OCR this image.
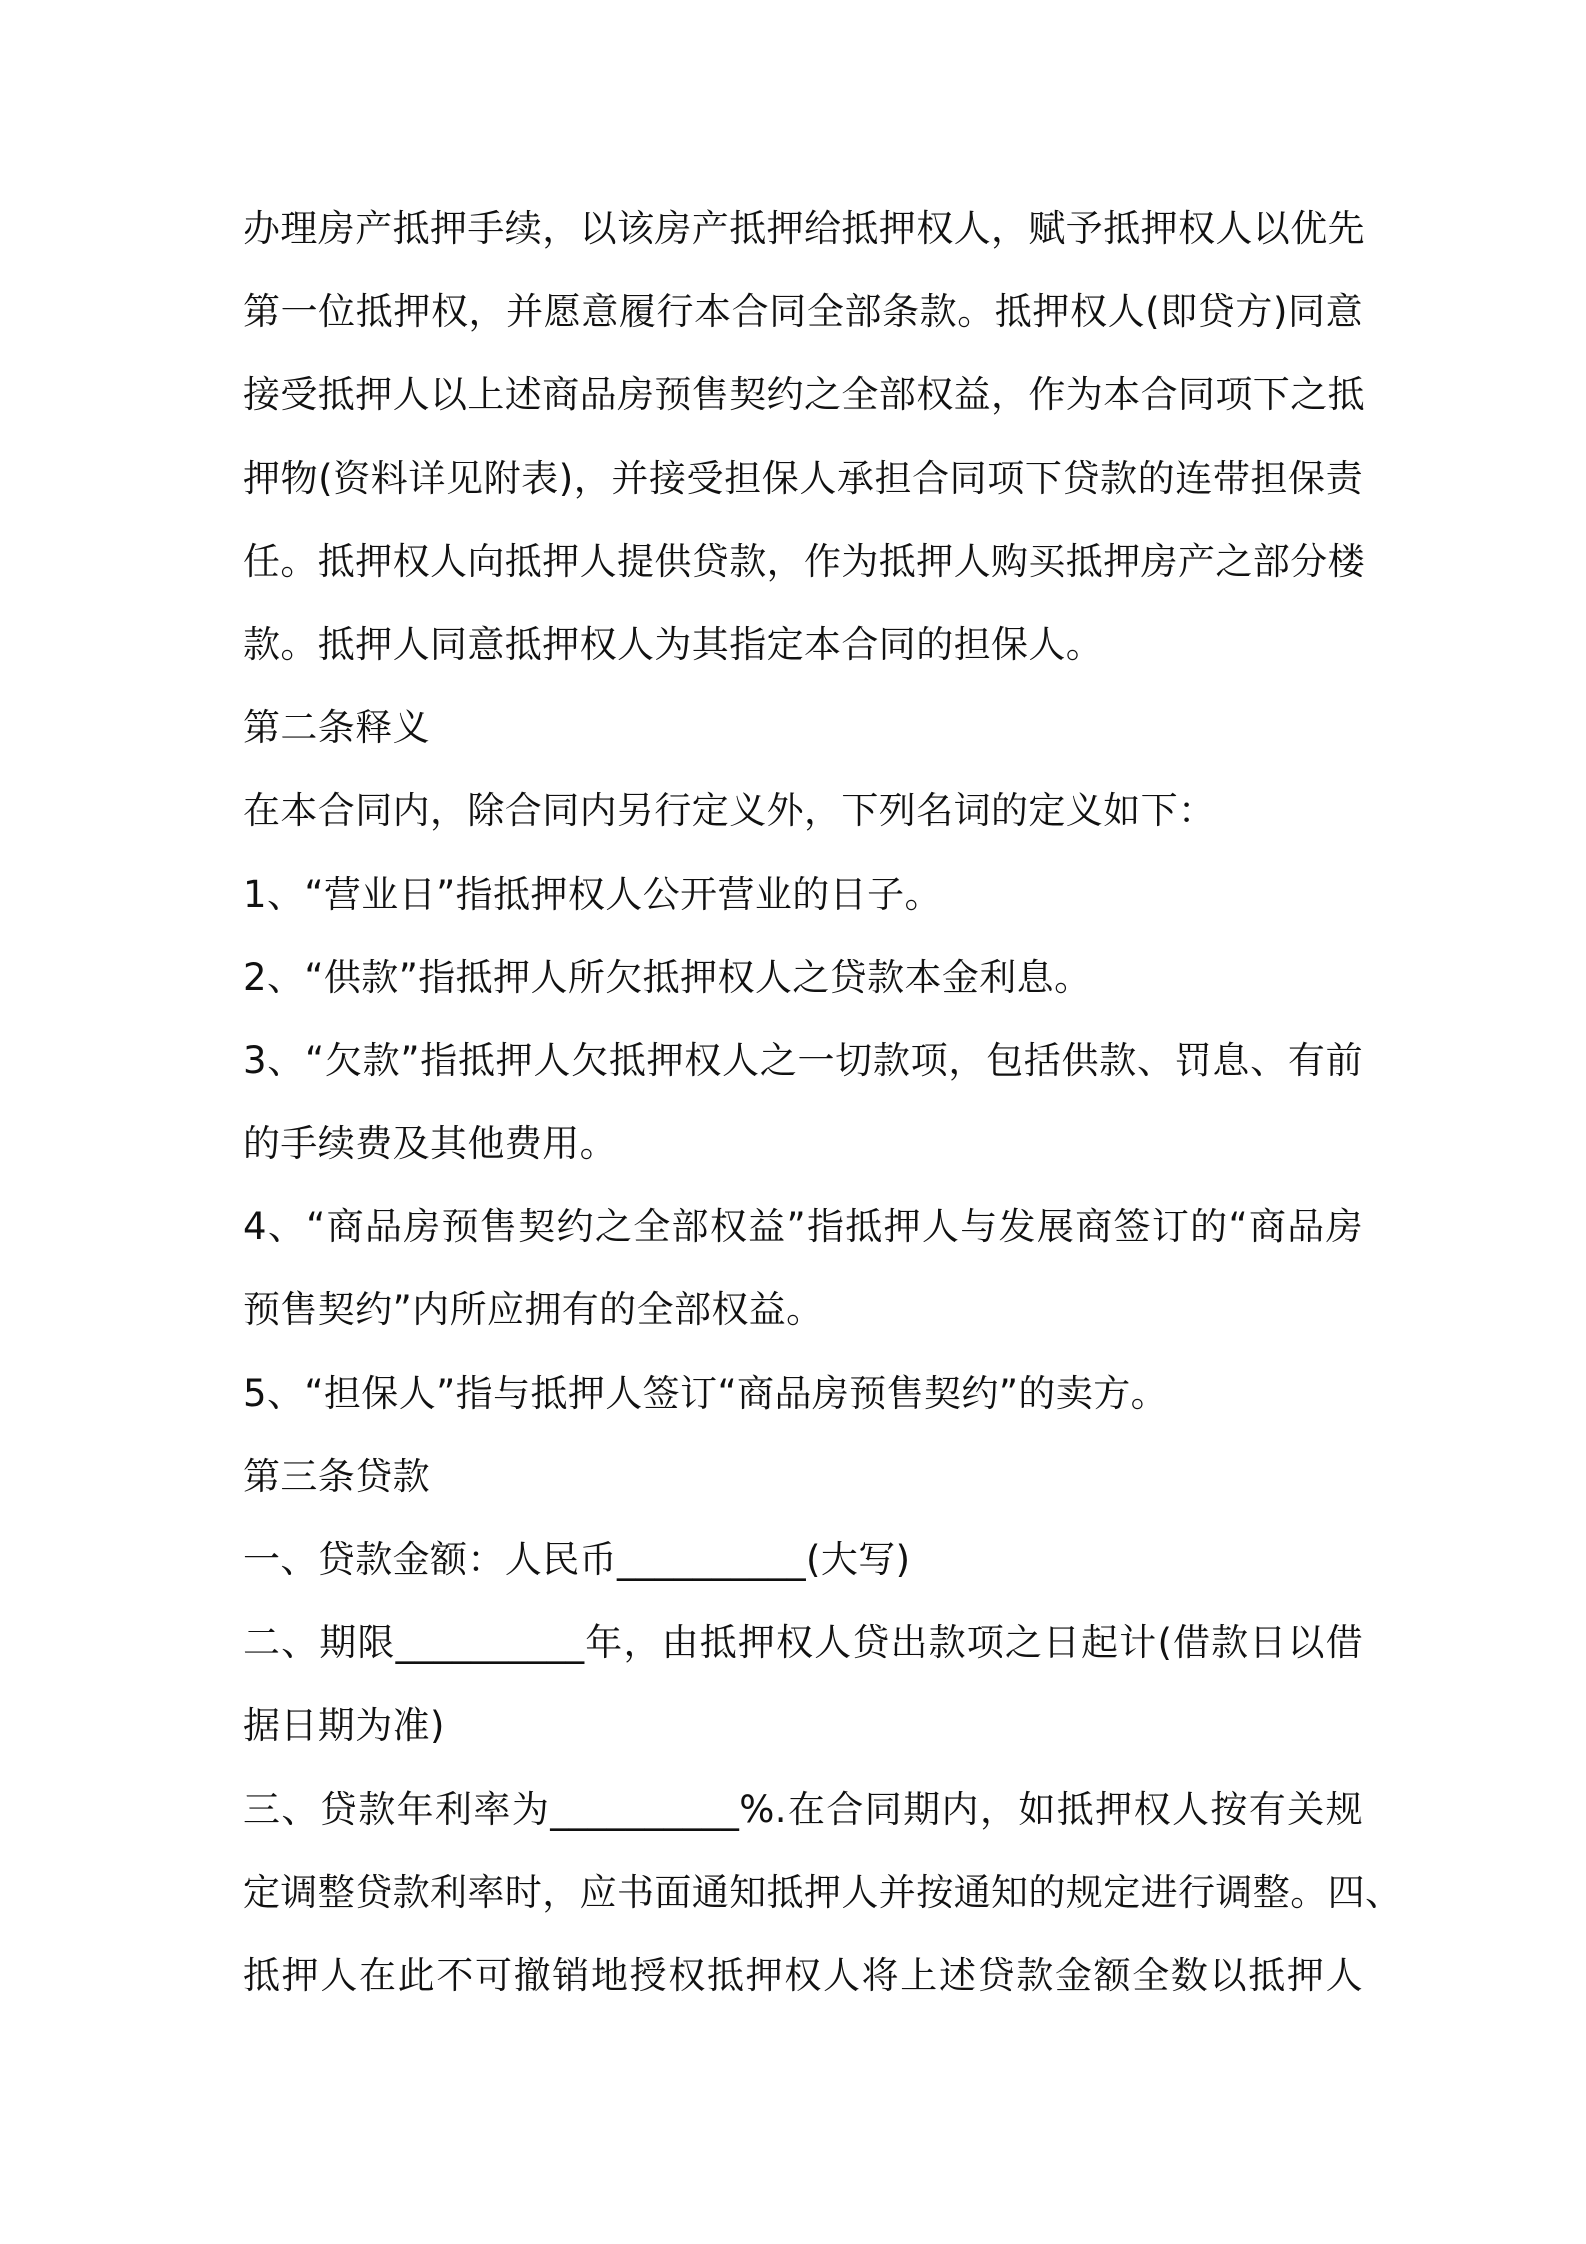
办理房产抵押手续，以该房产抵押给抵押权人，赋予抵押权人以优先
第一位抵押权，并愿意履行本合同全部条款。抵押权人(即贷方)同意
接受抵押人以上述商品房预售契约之全部权益，作为本合同项下之抵
押物(资料详见附表)，并接受担保人承担合同项下贷款的连带担保责
任。抵押权人向抵押人提供贷款，作为抵押人购买抵押房产之部分楼
款。抵押人同意抵押权人为其指定本合同的担保人。
第二条释义
在本合同内，除合同内另行定义外，下列名词的定义如下：
1、“营业日”指抵押权人公开营业的日子。
2、“供款”指抵押人所欠抵押权人之贷款本金利息。
3、“欠款”指抵押人欠抵押权人之一切款项，包括供款、罚息、有前
的手续费及其他费用。
4、“商品房预售契约之全部权益”指抵押人与发展商签订的“商品房
预售契约”内所应拥有的全部权益。
5、“担保人”指与抵押人签订“商品房预售契约”的卖方。
第三条贷款
一、贷款金额：人民币__________(大写)
二、期限__________年，由抵押权人贷出款项之日起计(借款日以借
据日期为准)
三、贷款年利率为__________%.在合同期内，如抵押权人按有关规
定调整贷款利率时，应书面通知抵押人并按通知的规定进行调整。四、
抵押人在此不可撤销地授权抵押权人将上述贷款金额全数以抵押人
